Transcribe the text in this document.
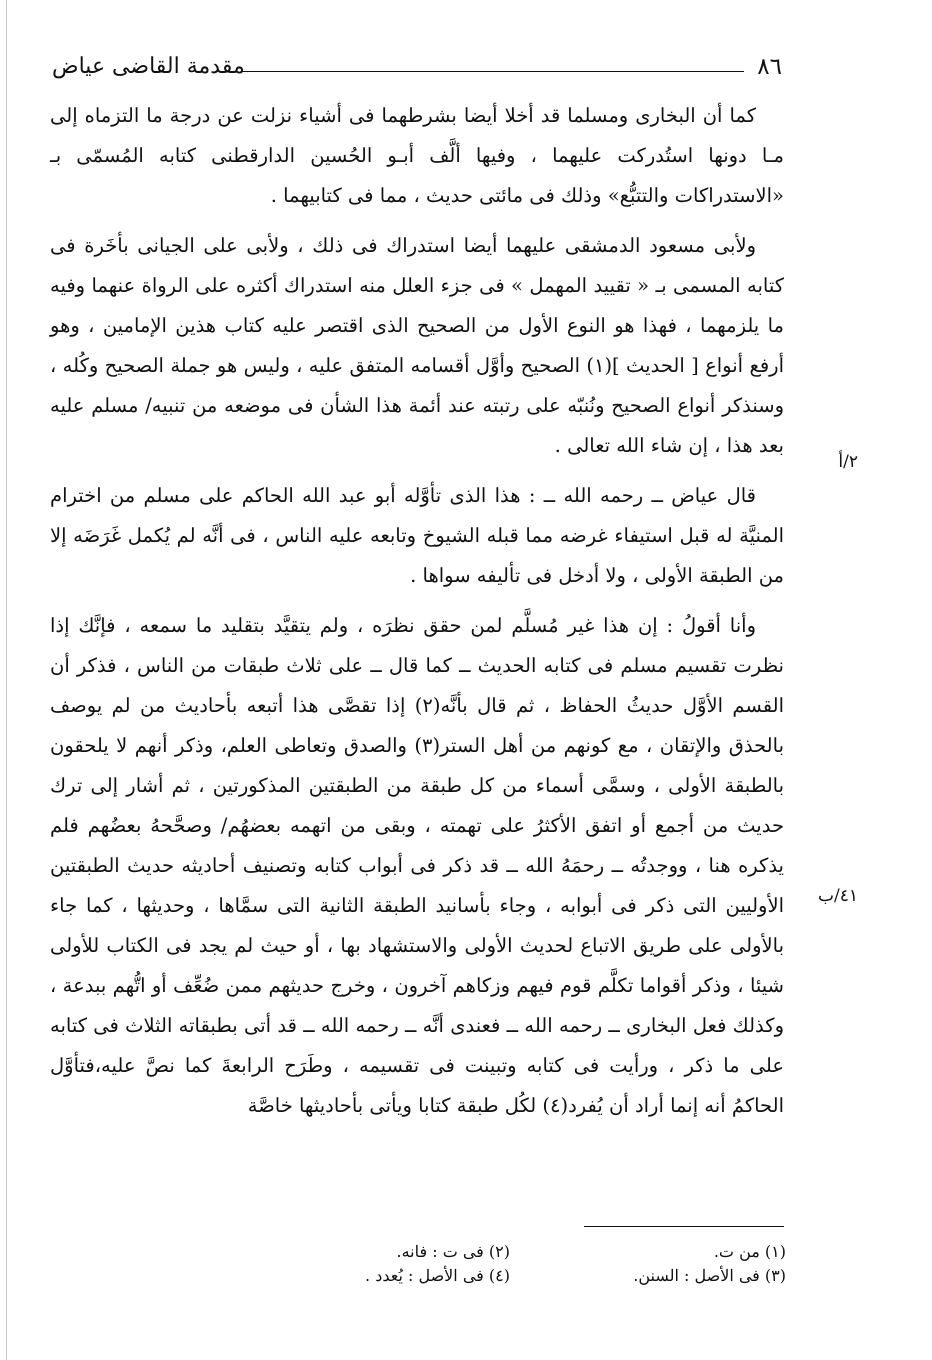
٨٦
مقدمة القاضى عياض

كما أن البخارى ومسلما قد أخلا أيضا بشرطهما فى أشياء نزلت عن درجة ما التزماه إلى مـا دونها استُدركت عليهما ، وفيها ألَّف أبـو الحُسين الدارقطنى كتابه المُسمّى بـ «الاستدراكات والتتبُّع» وذلك فى مائتى حديث ، مما فى كتابيهما .

ولأبى مسعود الدمشقى عليهما أيضا استدراك فى ذلك ، ولأبى على الجيانى بأخَرة فى كتابه المسمى بـ « تقييد المهمل » فى جزء العلل منه استدراك أكثره على الرواة عنهما وفيه ما يلزمهما ، فهذا هو النوع الأول من الصحيح الذى اقتصر عليه كتاب هذين الإمامين ، وهو أرفع أنواع [ الحديث ](١) الصحيح وأوَّل أقسامه المتفق عليه ، وليس هو جملة الصحيح وكُله ، وسنذكر أنواع الصحيح ونُنبّه على رتبته عند أئمة هذا الشأن فى موضعه من تنبيه/ مسلم عليه بعد هذا ، إن شاء الله تعالى .

قال عياض ــ رحمه الله ــ : هذا الذى تأوَّله أبو عبد الله الحاكم على مسلم من اخترام المنيَّة له قبل استيفاء غرضه مما قبله الشيوخ وتابعه عليه الناس ، فى أنَّه لم يُكمل غَرَضَه إلا من الطبقة الأولى ، ولا أدخل فى تأليفه سواها .

وأنا أقولُ : إن هذا غير مُسلَّم لمن حقق نظرَه ، ولم يتقيَّد بتقليد ما سمعه ، فإنَّك إذا نظرت تقسيم مسلم فى كتابه الحديث ــ كما قال ــ على ثلاث طبقات من الناس ، فذكر أن القسم الأوَّل حديثُ الحفاظ ، ثم قال بأنَّه(٢) إذا تقصَّى هذا أتبعه بأحاديث من لم يوصف بالحذق والإتقان ، مع كونهم من أهل الستر(٣) والصدق وتعاطى العلم، وذكر أنهم لا يلحقون بالطبقة الأولى ، وسمَّى أسماء من كل طبقة من الطبقتين المذكورتين ، ثم أشار إلى ترك حديث من أجمع أو اتفق الأكثرُ على تهمته ، وبقى من اتهمه بعضهُم/ وصحَّحهُ بعضُهم فلم يذكره هنا ، ووجدتُه ــ رحمَهُ الله ــ قد ذكر فى أبواب كتابه وتصنيف أحاديثه حديث الطبقتين الأوليين التى ذكر فى أبوابه ، وجاء بأسانيد الطبقة الثانية التى سمَّاها ، وحديثها ، كما جاء بالأولى على طريق الاتباع لحديث الأولى والاستشهاد بها ، أو حيث لم يجد فى الكتاب للأولى شيئا ، وذكر أقواما تكلَّم قوم فيهم وزكاهم آخرون ، وخرج حديثهم ممن ضُعِّف أو اتُّهم ببدعة ، وكذلك فعل البخارى ــ رحمه الله ــ فعندى أنَّه ــ رحمه الله ــ قد أتى بطبقاته الثلاث فى كتابه على ما ذكر ، ورأيت فى كتابه وتبينت فى تقسيمه ، وطَرَح الرابعةَ كما نصَّ عليه،فتأوَّل الحاكمُ أنه إنما أراد أن يُفرد(٤) لكُل طبقة كتابا ويأتى بأحاديثها خاصَّة

٢/أ
٤١/ب
(١) من ت.
(٢) فى ت : فانه.
(٣) فى الأصل : السنن.
(٤) فى الأصل : يُعدد .
